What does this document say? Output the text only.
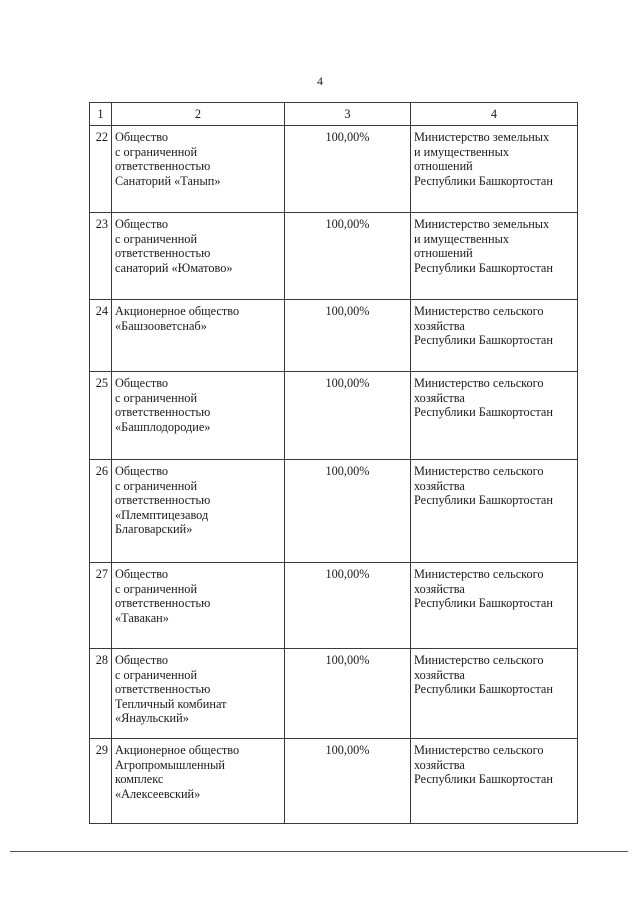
4
1	2	3	4
22	Общество
с ограниченной
ответственностью
Санаторий «Танып»	100,00%	Министерство земельных
и имущественных
отношений
Республики Башкортостан
23	Общество
с ограниченной
ответственностью
санаторий «Юматово»	100,00%	Министерство земельных
и имущественных
отношений
Республики Башкортостан
24	Акционерное общество
«Башзооветснаб»	100,00%	Министерство сельского
хозяйства
Республики Башкортостан
25	Общество
с ограниченной
ответственностью
«Башплодородие»	100,00%	Министерство сельского
хозяйства
Республики Башкортостан
26	Общество
с ограниченной
ответственностью
«Племптицезавод
Благоварский»	100,00%	Министерство сельского
хозяйства
Республики Башкортостан
27	Общество
с ограниченной
ответственностью
«Тавакан»	100,00%	Министерство сельского
хозяйства
Республики Башкортостан
28	Общество
с ограниченной
ответственностью
Тепличный комбинат
«Янаульский»	100,00%	Министерство сельского
хозяйства
Республики Башкортостан
29	Акционерное общество
Агропромышленный
комплекс
«Алексеевский»	100,00%	Министерство сельского
хозяйства
Республики Башкортостан
